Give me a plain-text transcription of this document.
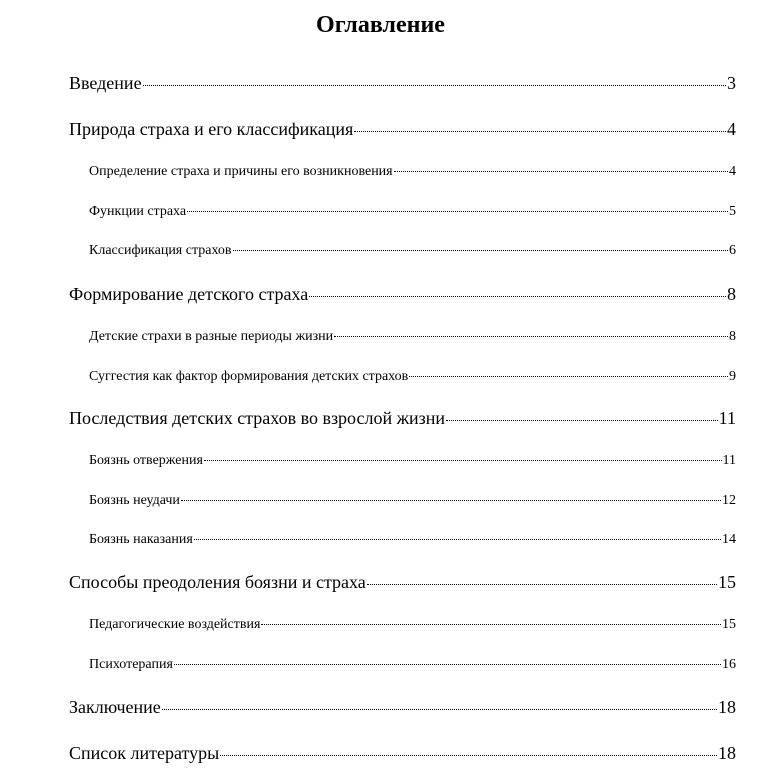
Оглавление
Введение	3
Природа страха и его классификация	4
Определение страха и причины его возникновения	4
Функции страха	5
Классификация страхов	6
Формирование детского страха	8
Детские страхи в разные периоды жизни	8
Суггестия как фактор формирования детских страхов	9
Последствия детских страхов во взрослой жизни	11
Боязнь отвержения	11
Боязнь неудачи	12
Боязнь наказания	14
Способы преодоления боязни и страха	15
Педагогические воздействия	15
Психотерапия	16
Заключение	18
Список литературы	18
